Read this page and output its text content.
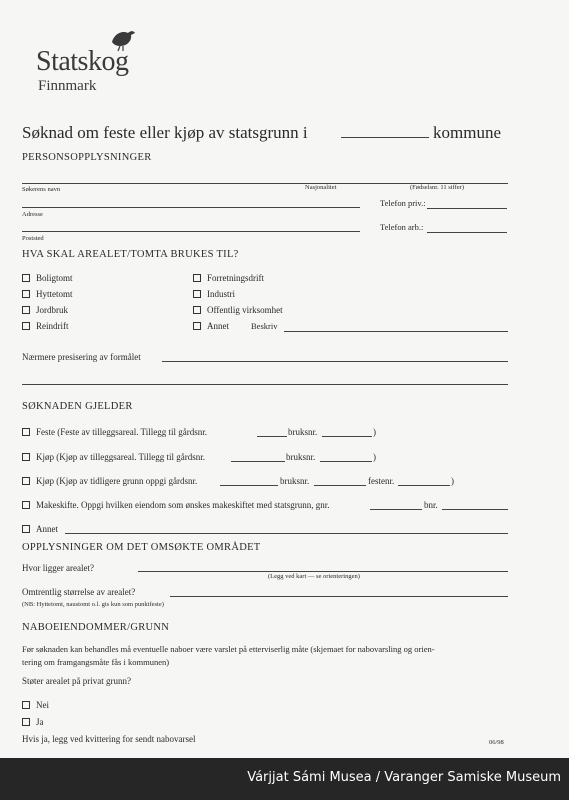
Statskog
Finnmark
Søknad om feste eller kjøp av statsgrunn i	kommune
PERSONSOPPLYSNINGER
Søkerens navn	Nasjonalitet	(Fødselsnr. 11 siffer)
Telefon priv.:
Adresse
Telefon arb.:
Poststed
HVA SKAL AREALET/TOMTA BRUKES TIL?
Boligtomt
Hyttetomt
Jordbruk
Reindrift
Forretningsdrift
Industri
Offentlig virksomhet
Annet	Beskriv
Nærmere presisering av formålet
SØKNADEN GJELDER
Feste (Feste av tilleggsareal. Tillegg til gårdsnr.	bruksnr.	)
Kjøp (Kjøp av tilleggsareal. Tillegg til gårdsnr.	bruksnr.	)
Kjøp (Kjøp av tidligere grunn oppgi gårdsnr.	bruksnr.	festenr.	)
Makeskifte. Oppgi hvilken eiendom som ønskes makeskiftet med statsgrunn, gnr.	bnr.
Annet
OPPLYSNINGER OM DET OMSØKTE OMRÅDET
Hvor ligger arealet?
(Legg ved kart — se orienteringen)
Omtrentlig størrelse av arealet?
(NB: Hyttetomt, naustomt o.l. gis kun som punktfeste)
NABOEIENDOMMER/GRUNN
Før søknaden kan behandles må eventuelle naboer være varslet på etterviserlig måte (skjemaet for nabovarsling og orien-
tering om framgangsmåte fås i kommunen)
Støter arealet på privat grunn?
Nei
Ja
Hvis ja, legg ved kvittering for sendt nabovarsel	06/98
Várjjat Sámi Musea / Varanger Samiske Museum
